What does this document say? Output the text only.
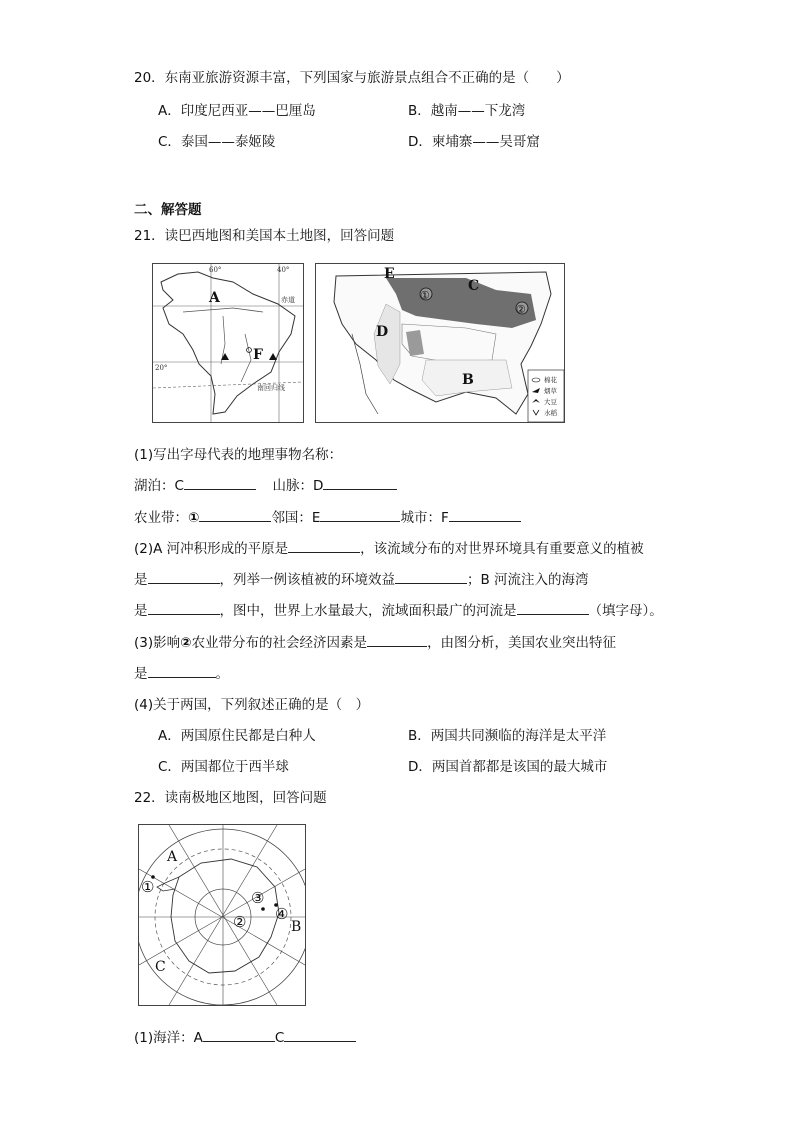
20．东南亚旅游资源丰富，下列国家与旅游景点组合不正确的是（　　）
A．印度尼西亚——巴厘岛	B．越南——下龙湾
C．泰国——泰姬陵	D．柬埔寨——吴哥窟
二、解答题
21．读巴西地图和美国本土地图，回答问题
60°	40°
20°
赤道
南回归线
A
F
E
C
D
B
①
②
棉花
烟草
大豆
水稻
(1)写出字母代表的地理事物名称：
湖泊：C	山脉：D
农业带：①	邻国：E	城市：F
(2)A 河冲积形成的平原是	，该流域分布的对世界环境具有重要意义的植被
是	，列举一例该植被的环境效益	；B 河流注入的海湾
是	，图中，世界上水量最大，流域面积最广的河流是	（填字母）。
(3)影响②农业带分布的社会经济因素是	，由图分析，美国农业突出特征
是	。
(4)关于两国，下列叙述正确的是（　）
A．两国原住民都是白种人	B．两国共同濒临的海洋是太平洋
C．两国都位于西半球	D．两国首都都是该国的最大城市
22．读南极地区地图，回答问题
A
B
C
①
②
③
④
(1)海洋：A	C
